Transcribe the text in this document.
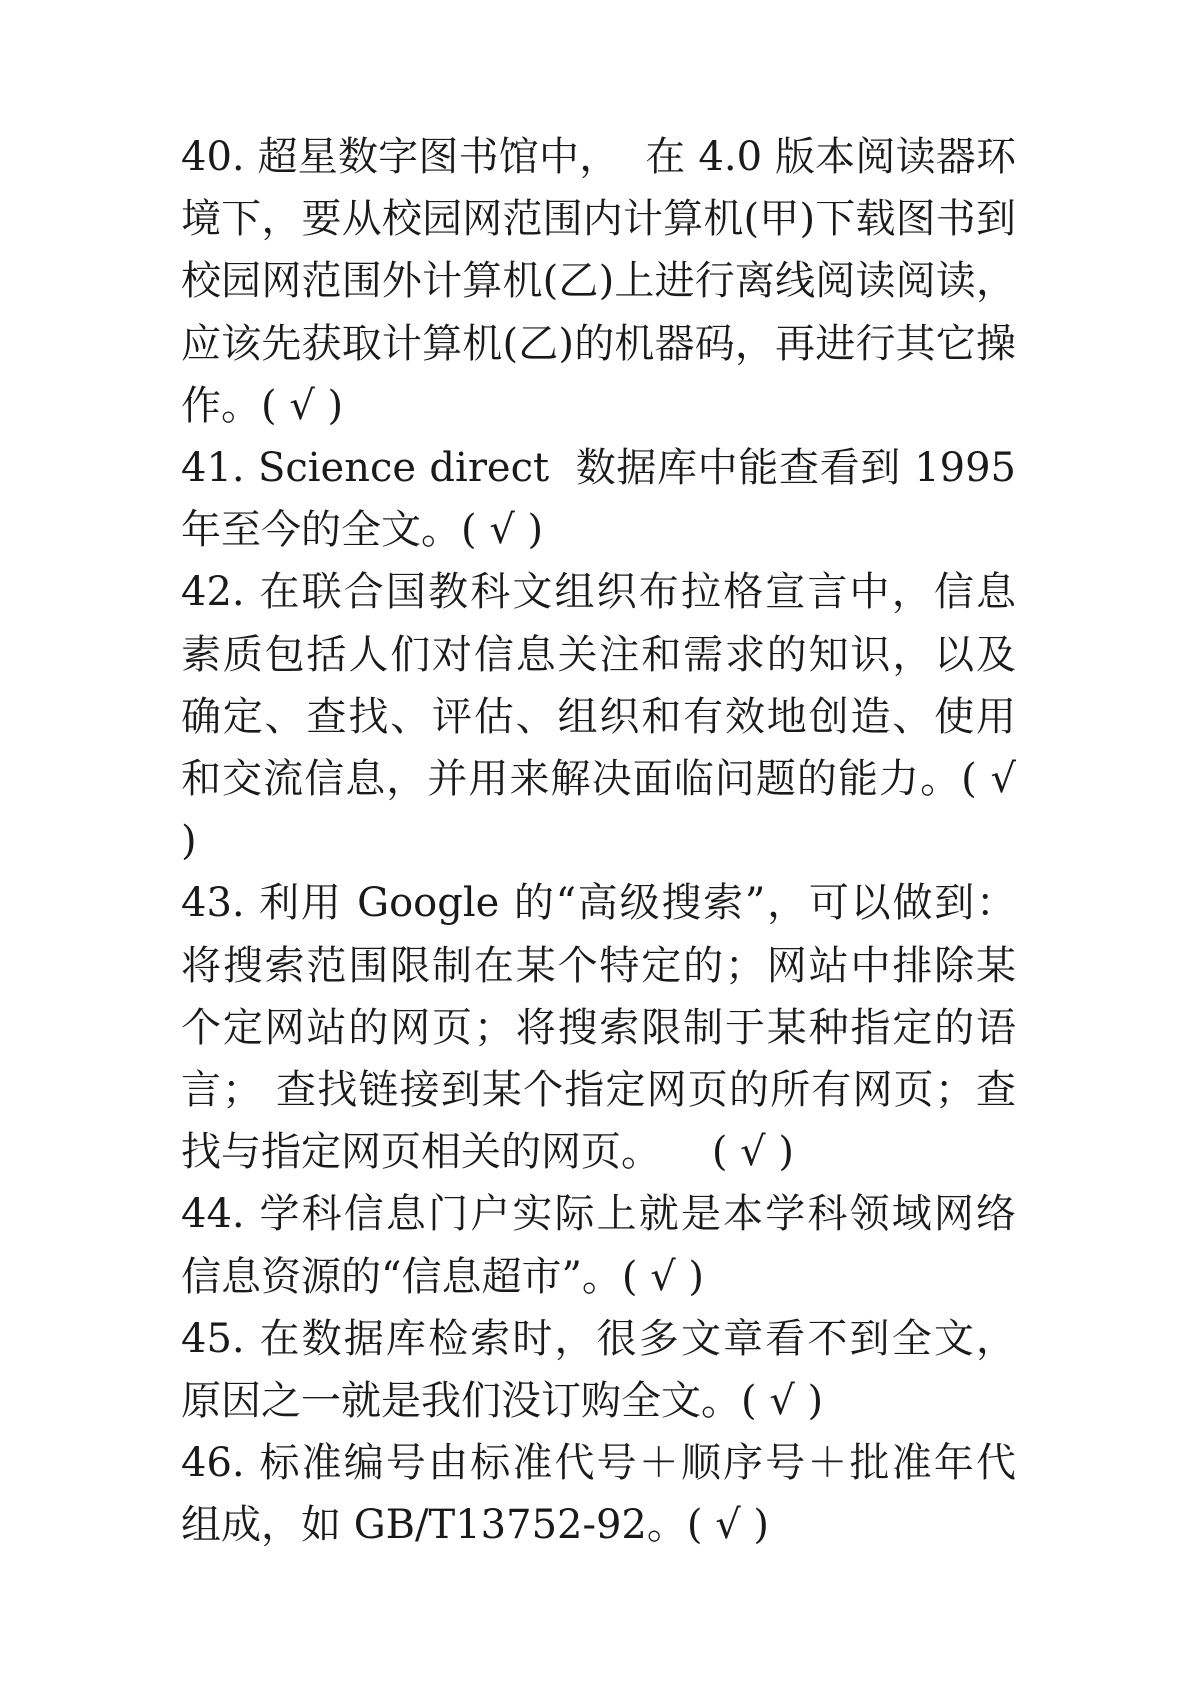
40. 超星数字图书馆中，  在 4.0 版本阅读器环境下，要从校园网范围内计算机(甲)下载图书到校园网范围外计算机(乙)上进行离线阅读阅读，应该先获取计算机(乙)的机器码，再进行其它操作。( √ )

41. Science direct  数据库中能查看到 1995 年至今的全文。( √ )

42. 在联合国教科文组织布拉格宣言中，信息素质包括人们对信息关注和需求的知识，以及确定、查找、评估、组织和有效地创造、使用和交流信息，并用来解决面临问题的能力。( √ )

43. 利用 Google 的“高级搜索”，可以做到：将搜索范围限制在某个特定的；网站中排除某个定网站的网页；将搜索限制于某种指定的语言； 查找链接到某个指定网页的所有网页；查找与指定网页相关的网页。    ( √ )

44. 学科信息门户实际上就是本学科领域网络信息资源的“信息超市”。( √ )

45. 在数据库检索时，很多文章看不到全文，原因之一就是我们没订购全文。( √ )

46. 标准编号由标准代号＋顺序号＋批准年代组成，如 GB/T13752-92。( √ )
